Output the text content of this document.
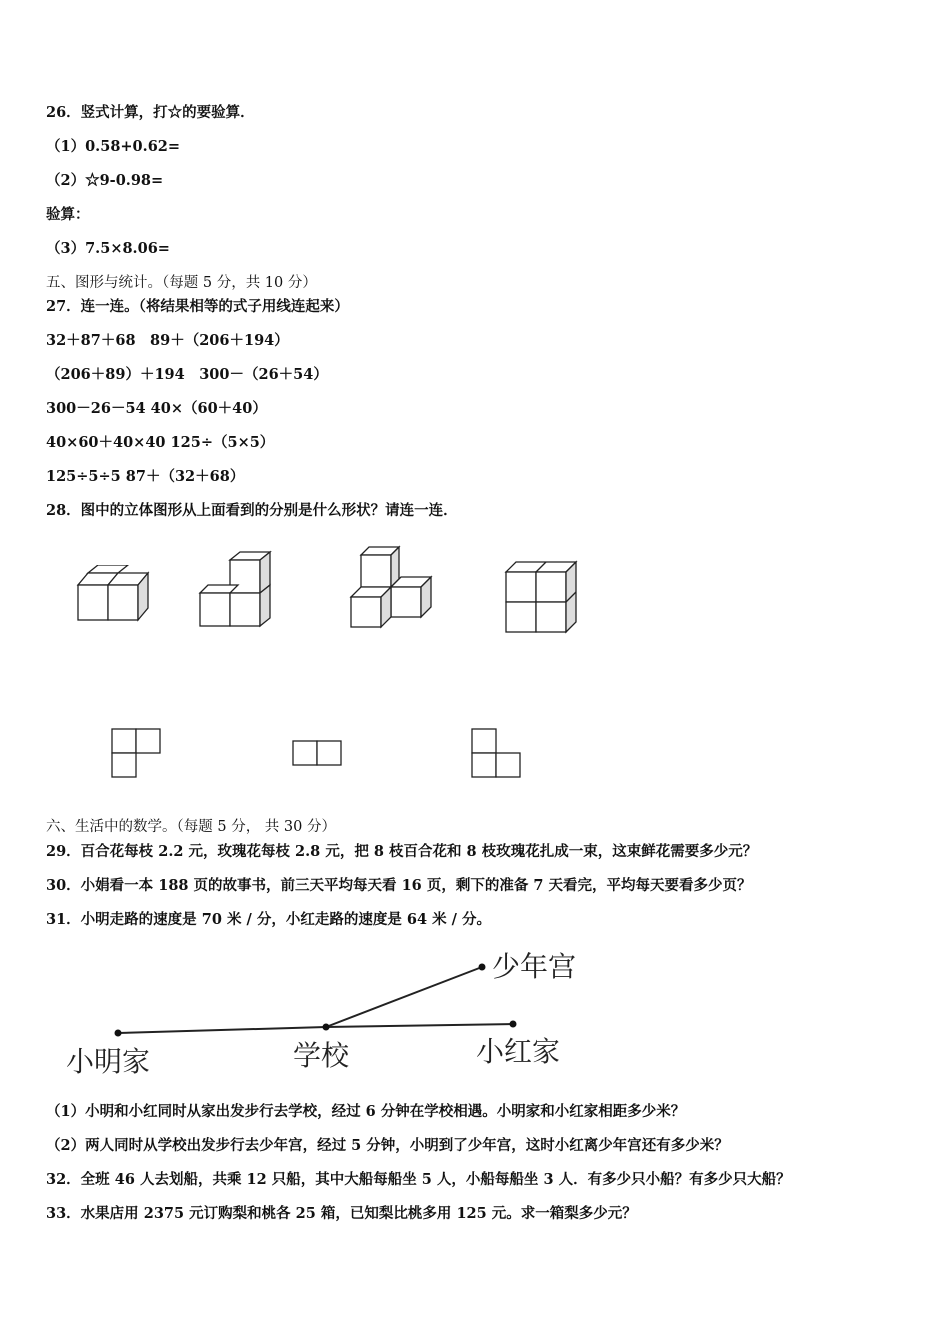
26．竖式计算，打☆的要验算．
（1）0.58+0.62=
（2）☆9-0.98=
验算：
（3）7.5×8.06=
五、图形与统计。（每题 5 分，共 10 分）
27．连一连。（将结果相等的式子用线连起来）
32＋87＋68　89＋（206＋194）
（206＋89）＋194　300－（26＋54）
300－26－54 40×（60＋40）
40×60＋40×40 125÷（5×5）
125÷5÷5 87＋（32＋68）
28．图中的立体图形从上面看到的分别是什么形状？请连一连．
六、生活中的数学。（每题 5 分， 共 30 分）
29．百合花每枝 2.2 元，玫瑰花每枝 2.8 元，把 8 枝百合花和 8 枝玫瑰花扎成一束，这束鲜花需要多少元？
30．小娟看一本 188 页的故事书，前三天平均每天看 16 页，剩下的准备 7 天看完，平均每天要看多少页？
31．小明走路的速度是 70 米 / 分，小红走路的速度是 64 米 / 分。
小明家	学校	小红家
少年宫
（1）小明和小红同时从家出发步行去学校，经过 6 分钟在学校相遇。小明家和小红家相距多少米？
（2）两人同时从学校出发步行去少年宫，经过 5 分钟，小明到了少年宫，这时小红离少年宫还有多少米？
32．全班 46 人去划船，共乘 12 只船，其中大船每船坐 5 人，小船每船坐 3 人．有多少只小船？有多少只大船？
33．水果店用 2375 元订购梨和桃各 25 箱，已知梨比桃多用 125 元。求一箱梨多少元？
